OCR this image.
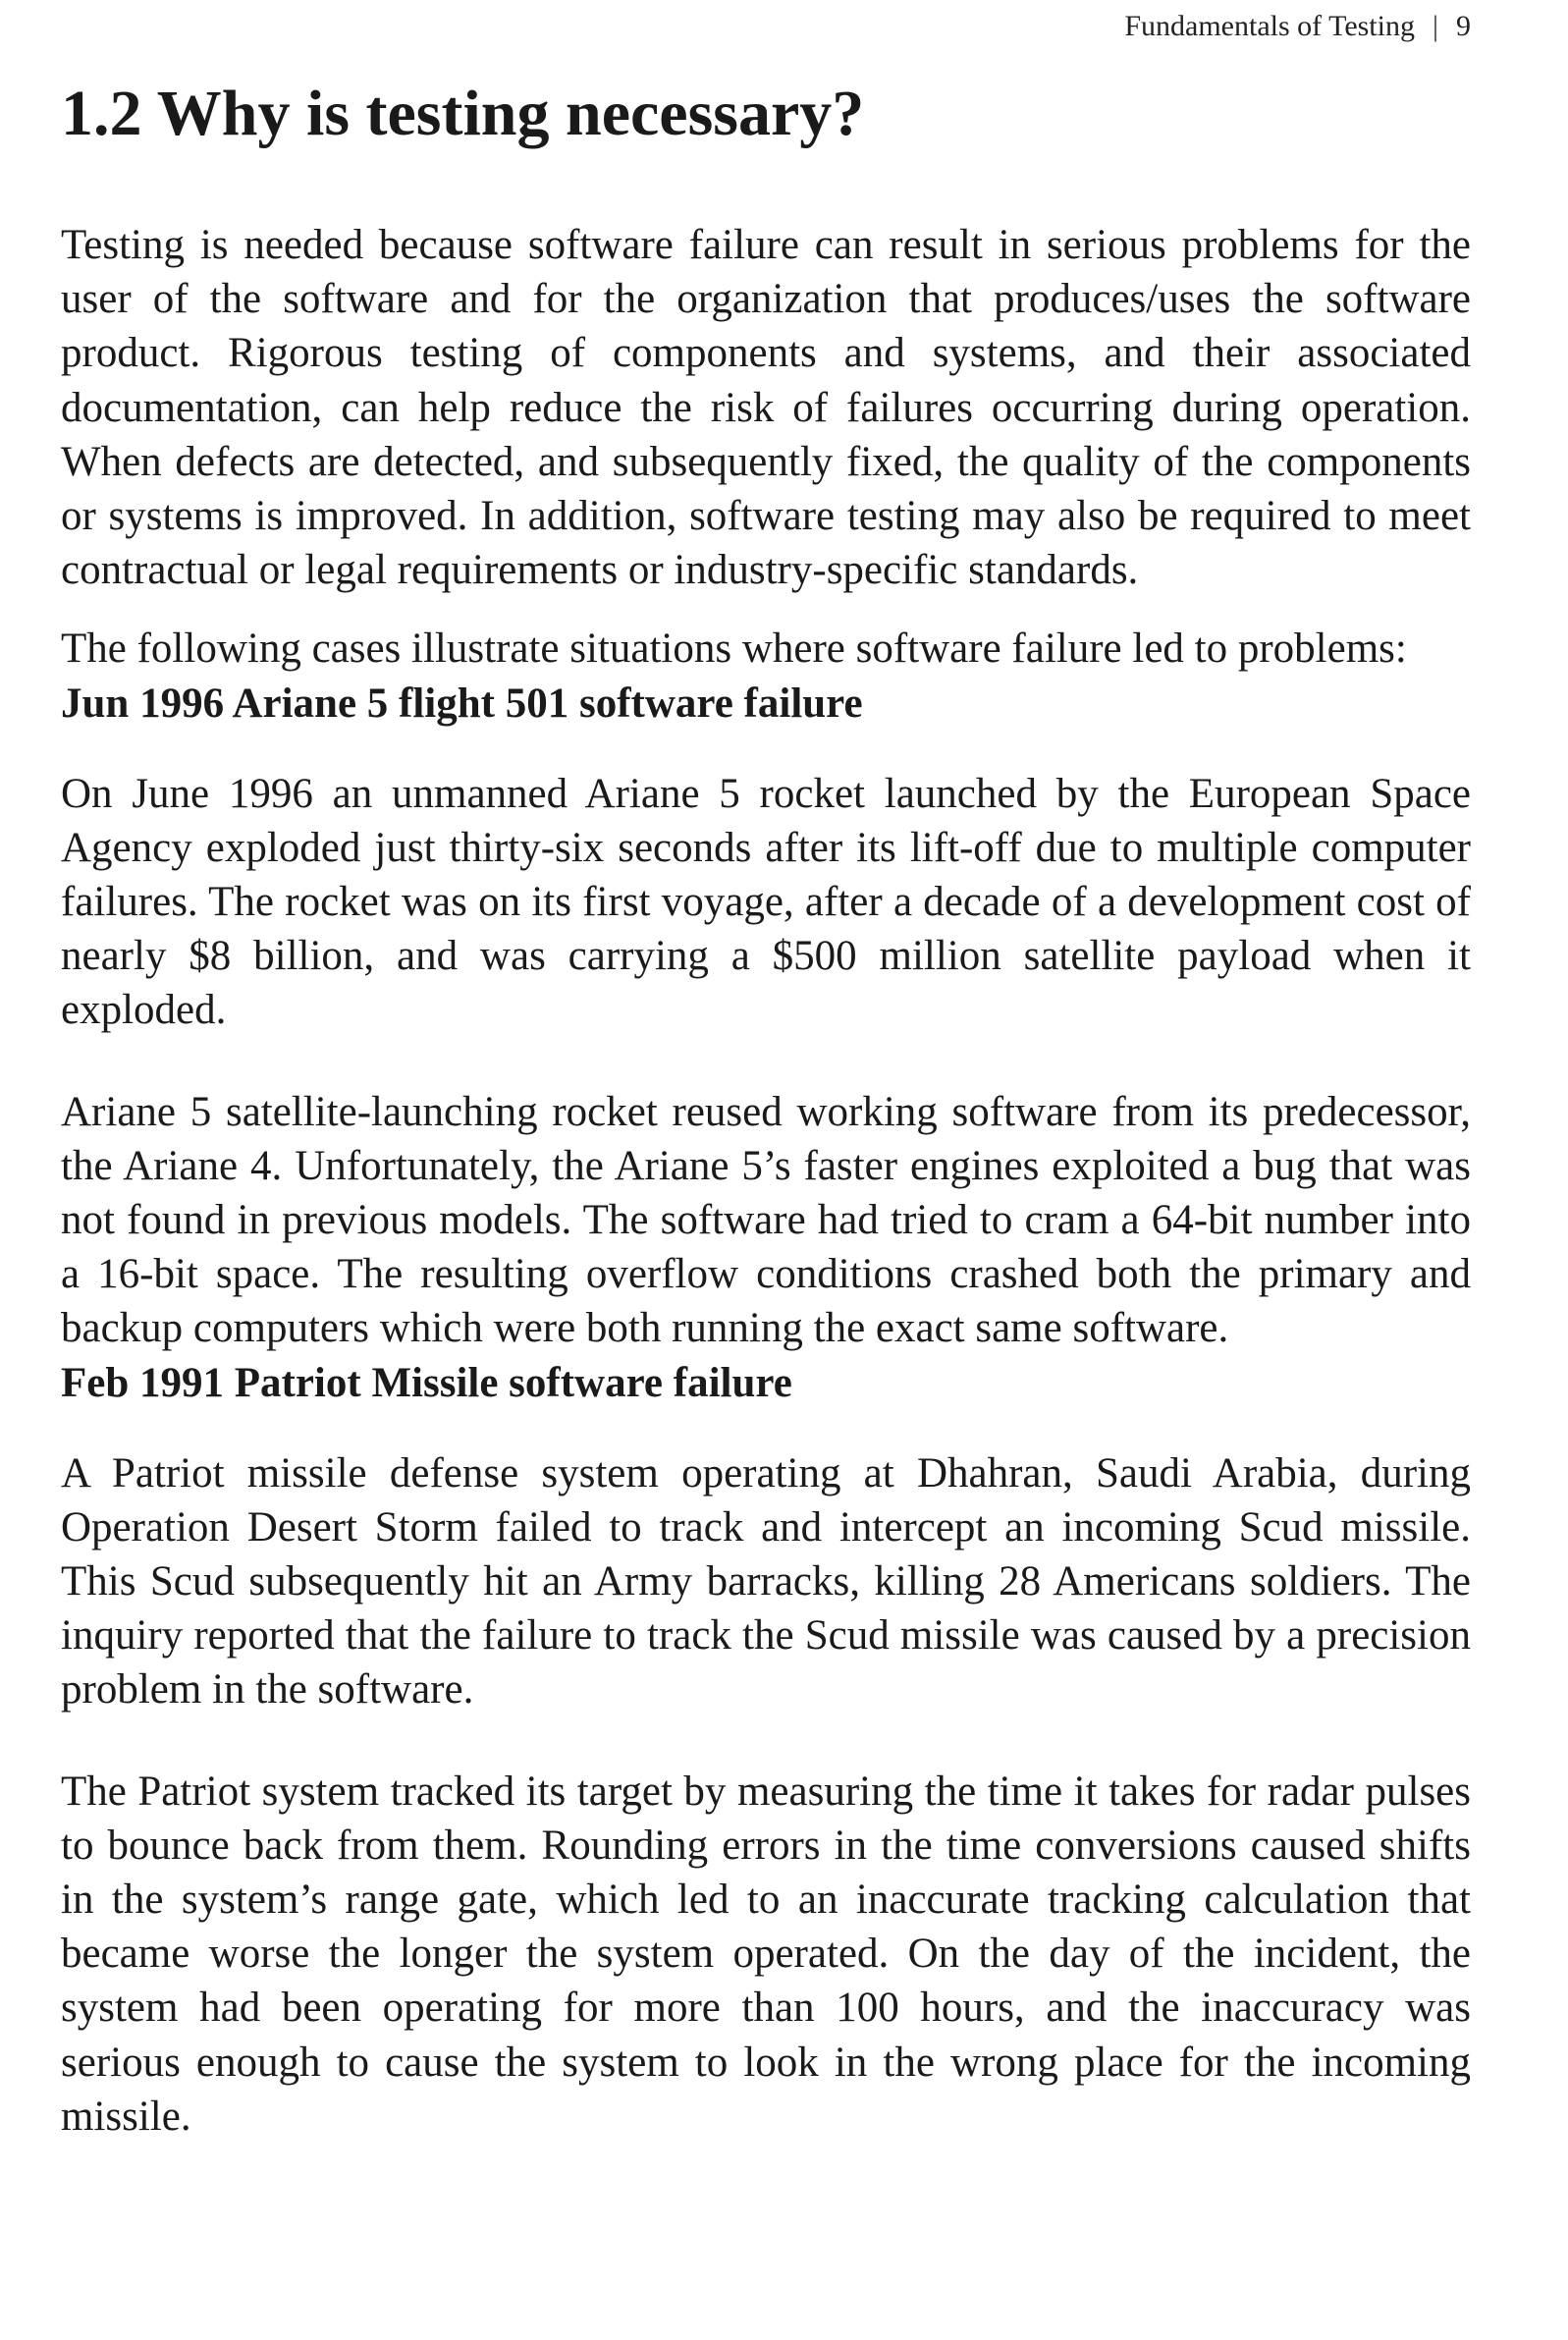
Fundamentals of Testing | 9
1.2 Why is testing necessary?

Testing is needed because software failure can result in serious problems for the user of the software and for the organization that produces/uses the software product. Rigorous testing of components and systems, and their associated documentation, can help reduce the risk of failures occurring during operation. When defects are detected, and subsequently fixed, the quality of the components or systems is improved. In addition, software testing may also be required to meet contractual or legal requirements or industry-specific standards.

The following cases illustrate situations where software failure led to problems:

Jun 1996 Ariane 5 flight 501 software failure

On June 1996 an unmanned Ariane 5 rocket launched by the European Space Agency exploded just thirty-six seconds after its lift-off due to multiple computer failures. The rocket was on its first voyage, after a decade of a development cost of nearly $8 billion, and was carrying a $500 million satellite payload when it exploded.

Ariane 5 satellite-launching rocket reused working software from its predecessor, the Ariane 4. Unfortunately, the Ariane 5’s faster engines exploited a bug that was not found in previous models. The software had tried to cram a 64-bit number into a 16-bit space. The resulting overflow conditions crashed both the primary and backup computers which were both running the exact same software.

Feb 1991 Patriot Missile software failure

A Patriot missile defense system operating at Dhahran, Saudi Arabia, during Operation Desert Storm failed to track and intercept an incoming Scud missile. This Scud subsequently hit an Army barracks, killing 28 Americans soldiers. The inquiry reported that the failure to track the Scud missile was caused by a precision problem in the software.

The Patriot system tracked its target by measuring the time it takes for radar pulses to bounce back from them. Rounding errors in the time conversions caused shifts in the system’s range gate, which led to an inaccurate tracking calculation that became worse the longer the system operated. On the day of the incident, the system had been operating for more than 100 hours, and the inaccuracy was serious enough to cause the system to look in the wrong place for the incoming missile.
